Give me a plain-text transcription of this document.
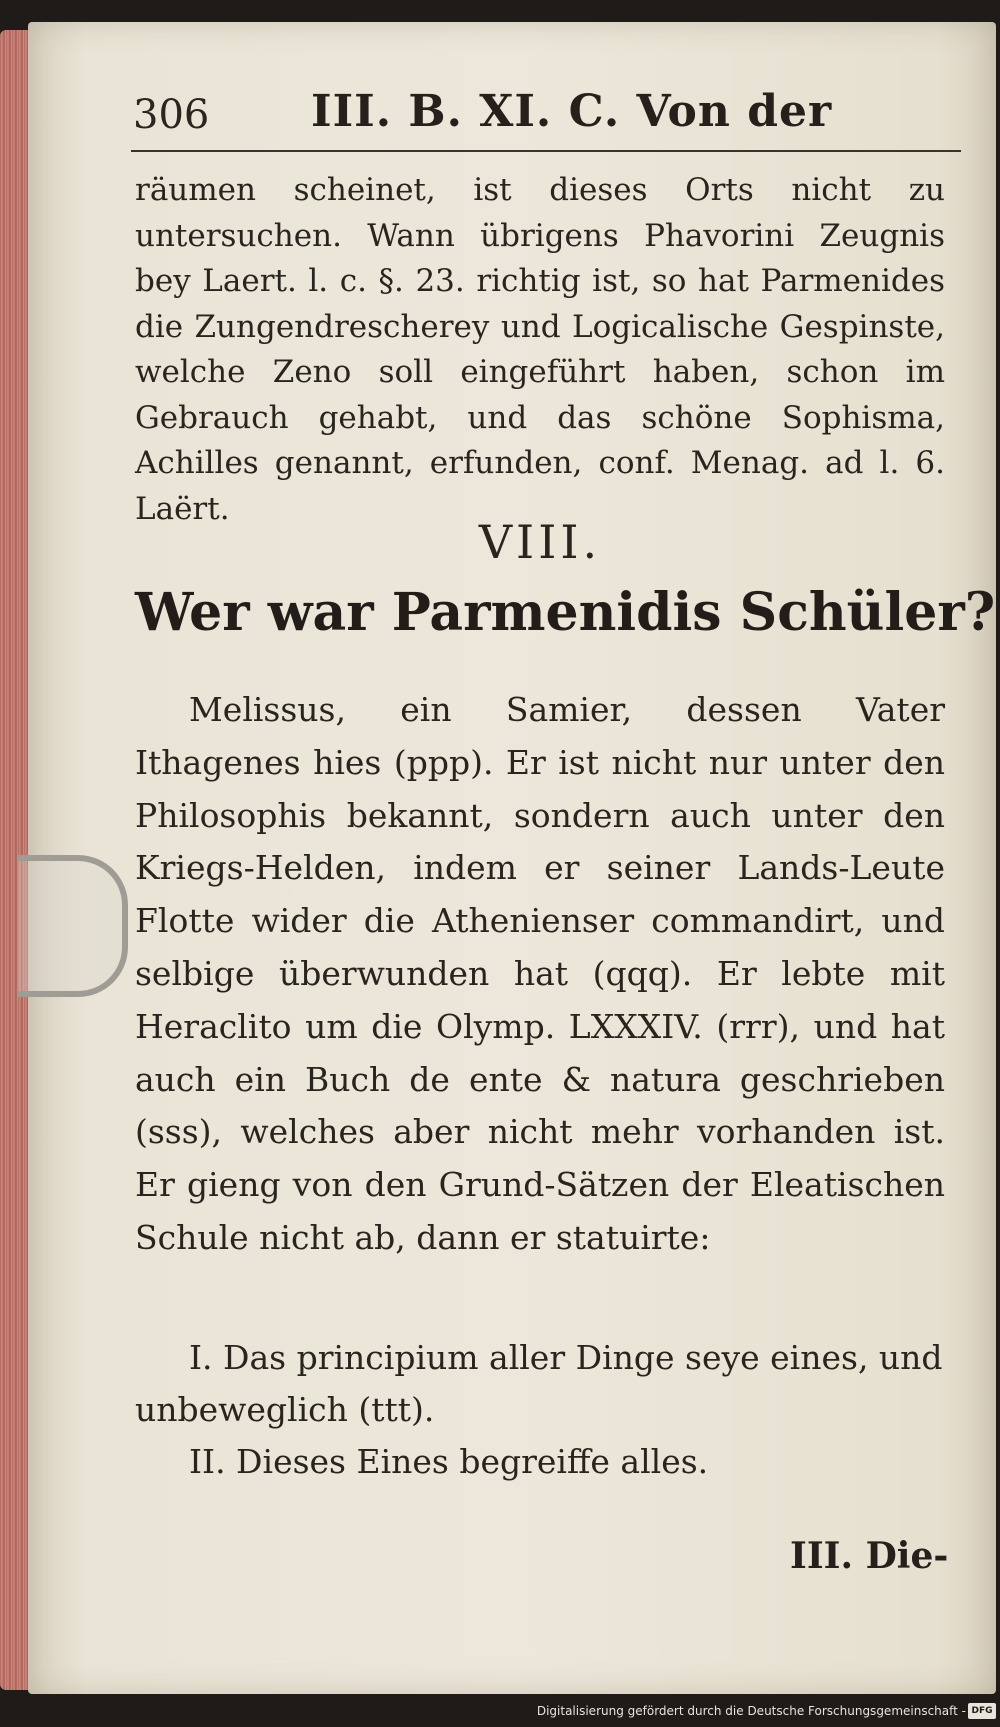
306 III. B. XI. C. Von der
räumen scheinet, ist dieses Orts nicht zu untersuchen. Wann übrigens Phavorini Zeugnis bey Laert. l. c. §. 23. richtig ist, so hat Parmenides die Zungendrescherey und Logicalische Gespinste, welche Zeno soll eingeführt haben, schon im Gebrauch gehabt, und das schöne Sophisma, Achilles genannt, erfunden, conf. Menag. ad l. 6. Laërt.
VIII.
Wer war Parmenidis Schüler?
Melissus, ein Samier, dessen Vater Ithagenes hies (ppp). Er ist nicht nur unter den Philosophis bekannt, sondern auch unter den Kriegs-Helden, indem er seiner Lands-Leute Flotte wider die Athenienser commandirt, und selbige überwunden hat (qqq). Er lebte mit Heraclito um die Olymp. LXXXIV. (rrr), und hat auch ein Buch de ente & natura geschrieben (sss), welches aber nicht mehr vorhanden ist. Er gieng von den Grund-Sätzen der Eleatischen Schule nicht ab, dann er statuirte:
I. Das principium aller Dinge seye eines, und unbeweglich (ttt).
II. Dieses Eines begreiffe alles.
III. Die-
Digitalisierung gefördert durch die Deutsche Forschungsgemeinschaft - DFG
